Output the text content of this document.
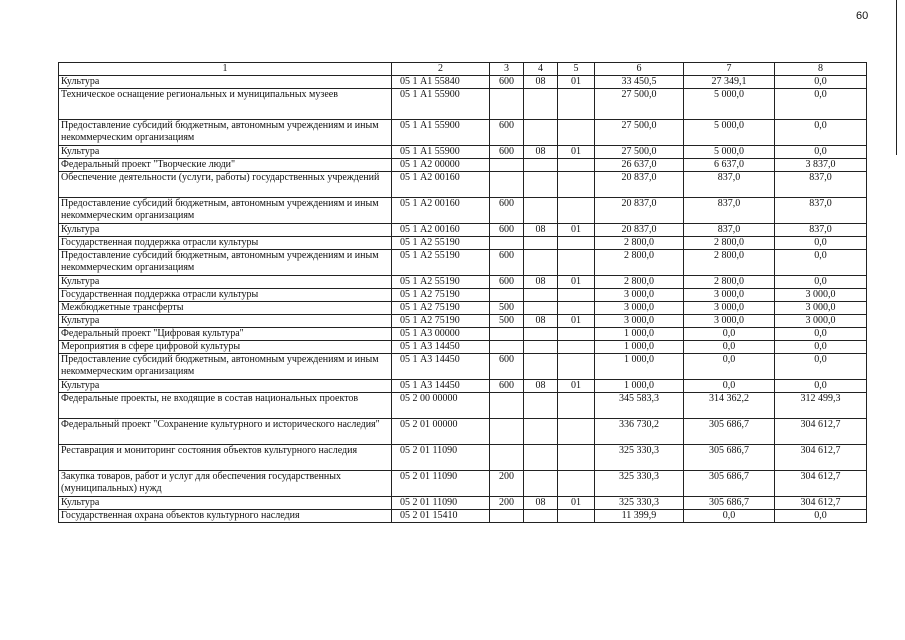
60
1	2	3	4	5	6	7	8
Культура	05 1 А1 55840	600	08	01	33 450,5	27 349,1	0,0
Техническое оснащение региональных и муниципальных музеев	05 1 А1 55900				27 500,0	5 000,0	0,0
Предоставление субсидий бюджетным, автономным учреждениям и иным некоммерческим организациям	05 1 А1 55900	600			27 500,0	5 000,0	0,0
Культура	05 1 А1 55900	600	08	01	27 500,0	5 000,0	0,0
Федеральный проект "Творческие люди"	05 1 А2 00000				26 637,0	6 637,0	3 837,0
Обеспечение деятельности (услуги, работы) государственных учреждений	05 1 А2 00160				20 837,0	837,0	837,0
Предоставление субсидий бюджетным, автономным учреждениям и иным некоммерческим организациям	05 1 А2 00160	600			20 837,0	837,0	837,0
Культура	05 1 А2 00160	600	08	01	20 837,0	837,0	837,0
Государственная поддержка отрасли культуры	05 1 А2 55190				2 800,0	2 800,0	0,0
Предоставление субсидий бюджетным, автономным учреждениям и иным некоммерческим организациям	05 1 А2 55190	600			2 800,0	2 800,0	0,0
Культура	05 1 А2 55190	600	08	01	2 800,0	2 800,0	0,0
Государственная поддержка отрасли культуры	05 1 А2 75190				3 000,0	3 000,0	3 000,0
Межбюджетные трансферты	05 1 А2 75190	500			3 000,0	3 000,0	3 000,0
Культура	05 1 А2 75190	500	08	01	3 000,0	3 000,0	3 000,0
Федеральный проект "Цифровая культура"	05 1 А3 00000				1 000,0	0,0	0,0
Мероприятия в сфере цифровой культуры	05 1 А3 14450				1 000,0	0,0	0,0
Предоставление субсидий бюджетным, автономным учреждениям и иным некоммерческим организациям	05 1 А3 14450	600			1 000,0	0,0	0,0
Культура	05 1 А3 14450	600	08	01	1 000,0	0,0	0,0
Федеральные проекты, не входящие в состав национальных проектов	05 2 00 00000				345 583,3	314 362,2	312 499,3
Федеральный проект "Сохранение культурного и исторического наследия"	05 2 01 00000				336 730,2	305 686,7	304 612,7
Реставрация и мониторинг состояния объектов культурного наследия	05 2 01 11090				325 330,3	305 686,7	304 612,7
Закупка товаров, работ и услуг для обеспечения государственных (муниципальных) нужд	05 2 01 11090	200			325 330,3	305 686,7	304 612,7
Культура	05 2 01 11090	200	08	01	325 330,3	305 686,7	304 612,7
Государственная охрана объектов культурного наследия	05 2 01 15410				11 399,9	0,0	0,0
